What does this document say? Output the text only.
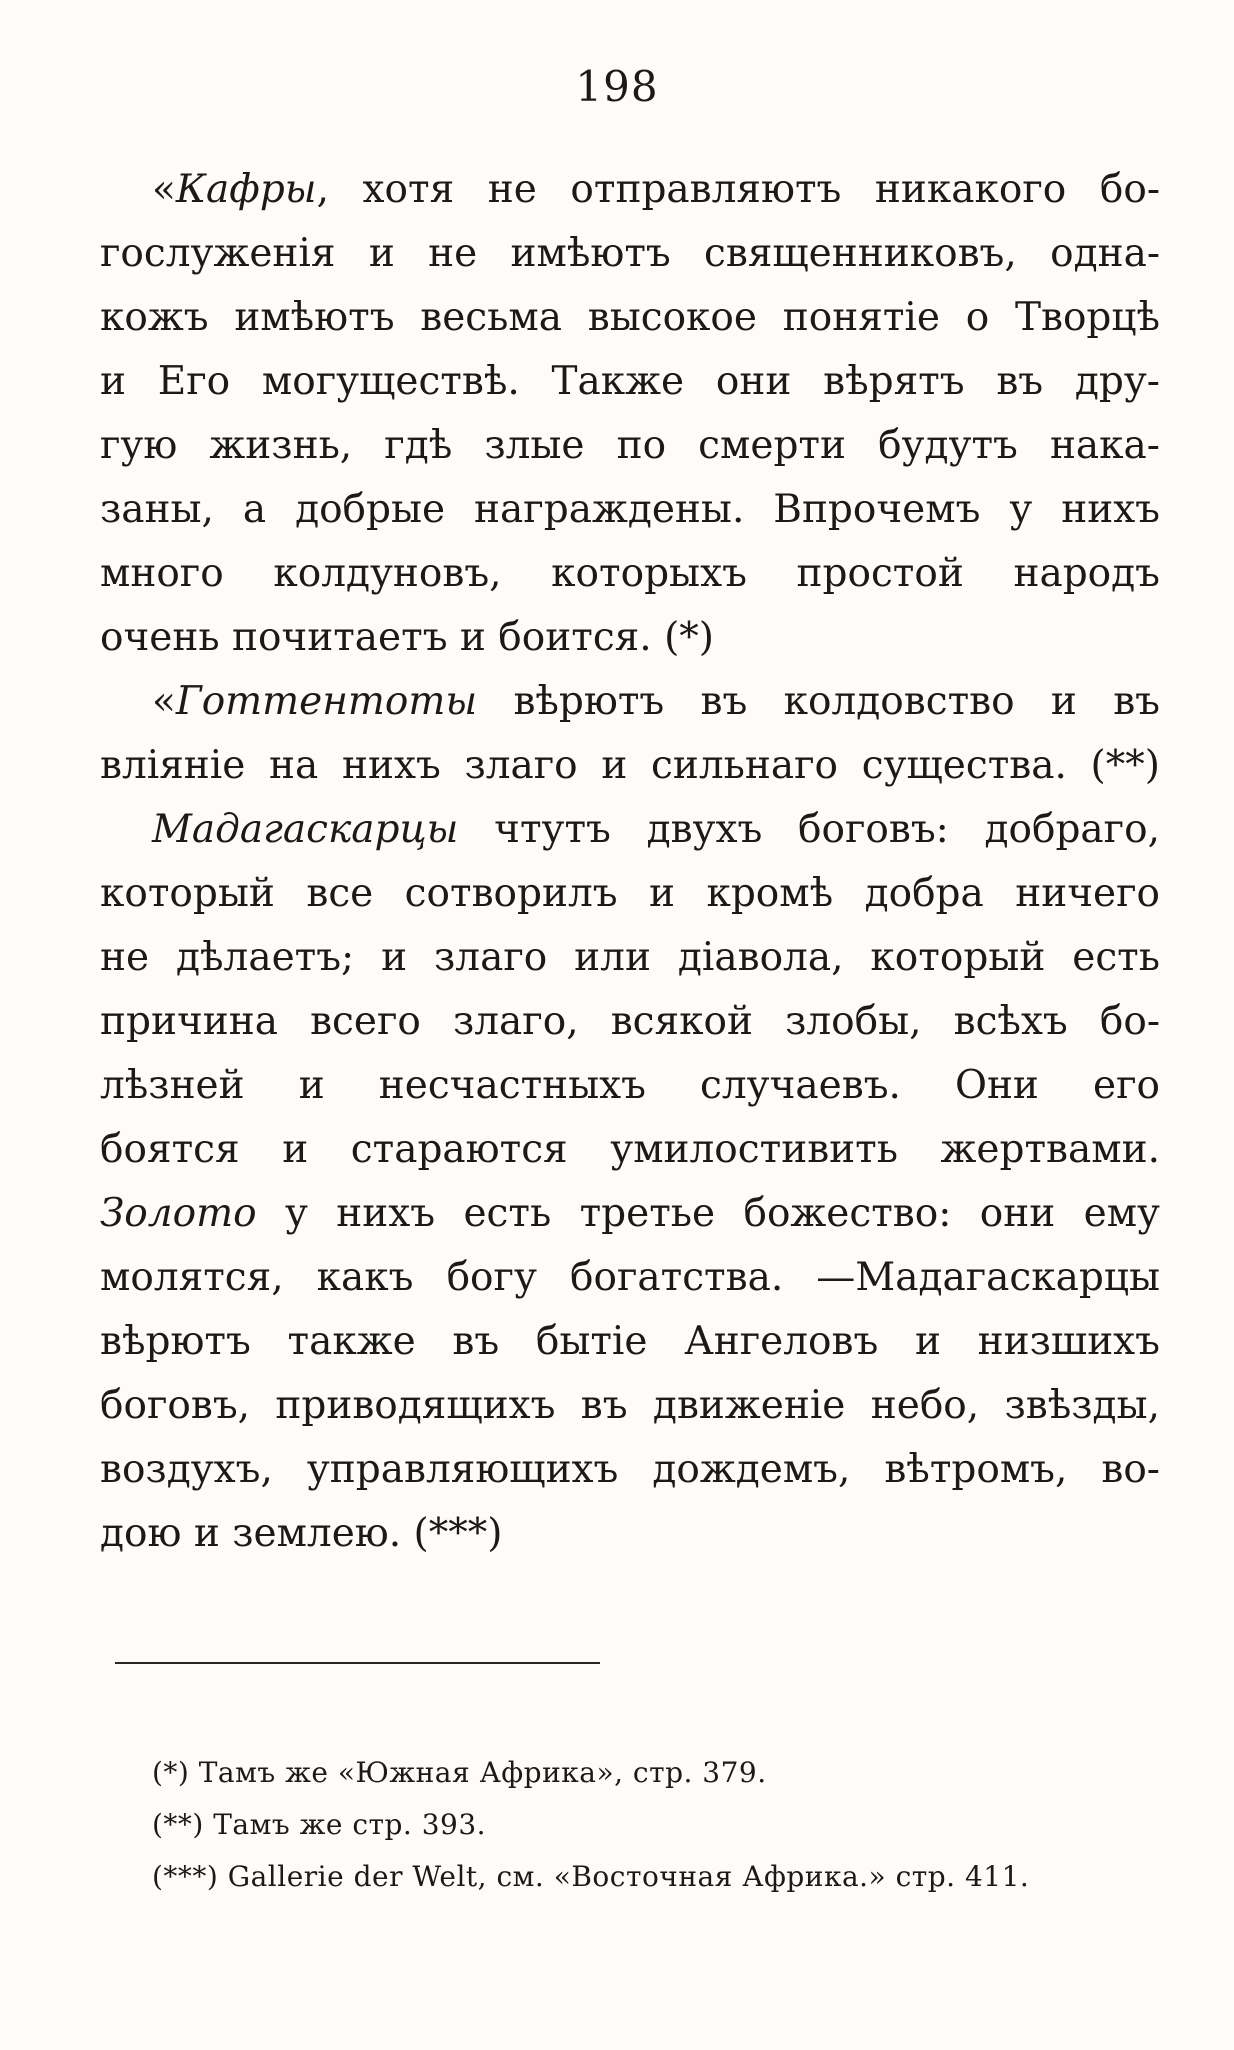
198
«Кафры, хотя не отправляютъ никакого бо-
гослуженія и не имѣютъ священниковъ, одна-
кожъ имѣютъ весьма высокое понятіе о Творцѣ
и Его могуществѣ. Также они вѣрятъ въ дру-
гую жизнь, гдѣ злые по смерти будутъ нака-
заны, а добрые награждены. Впрочемъ у нихъ
много колдуновъ, которыхъ простой народъ
очень почитаетъ и боится. (*)
«Готтентоты вѣрютъ въ колдовство и въ
вліяніе на нихъ злаго и сильнаго существа. (**)
Мадагаскарцы чтутъ двухъ боговъ: добраго,
который все сотворилъ и кромѣ добра ничего
не дѣлаетъ; и злаго или діавола, который есть
причина всего злаго, всякой злобы, всѣхъ бо-
лѣзней и несчастныхъ случаевъ. Они его
боятся и стараются умилостивить жертвами.
Золото у нихъ есть третье божество: они ему
молятся, какъ богу богатства. —Мадагаскарцы
вѣрютъ также въ бытіе Ангеловъ и низшихъ
боговъ, приводящихъ въ движеніе небо, звѣзды,
воздухъ, управляющихъ дождемъ, вѣтромъ, во-
дою и землею. (***)
(*) Тамъ же «Южная Африка», стр. 379.
(**) Тамъ же стр. 393.
(***) Gallerie der Welt, см. «Восточная Африка.» стр. 411.
